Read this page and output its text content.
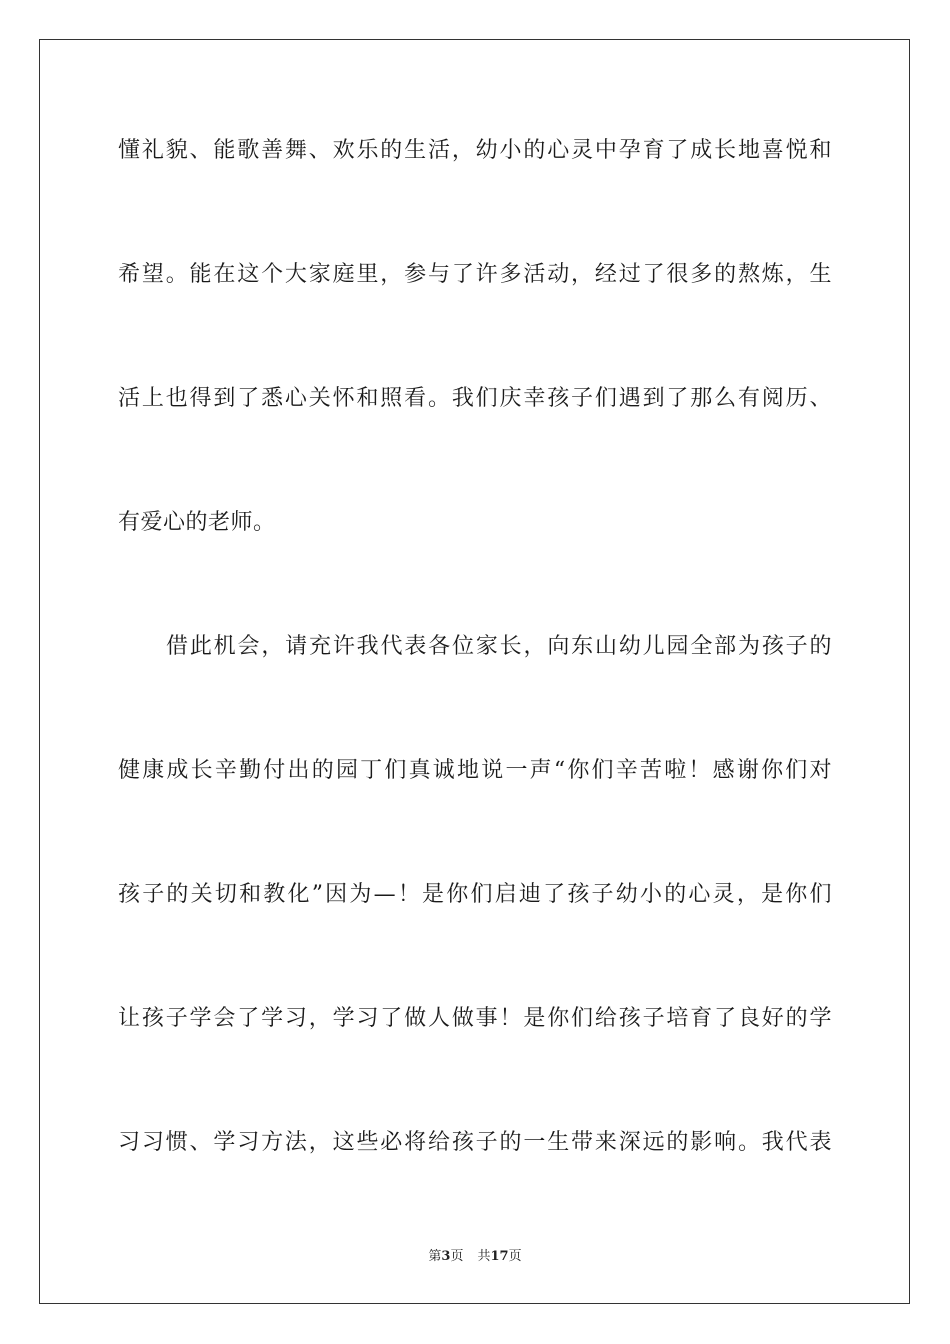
懂礼貌、能歌善舞、欢乐的生活，幼小的心灵中孕育了成长地喜悦和
希望。能在这个大家庭里，参与了许多活动，经过了很多的熬炼，生
活上也得到了悉心关怀和照看。我们庆幸孩子们遇到了那么有阅历、
有爱心的老师。
借此机会，请充许我代表各位家长，向东山幼儿园全部为孩子的
健康成长辛勤付出的园丁们真诚地说一声“你们辛苦啦！感谢你们对
孩子的关切和教化”因为—！是你们启迪了孩子幼小的心灵，是你们
让孩子学会了学习，学习了做人做事！是你们给孩子培育了良好的学
习习惯、学习方法，这些必将给孩子的一生带来深远的影响。我代表
第3页 共17页
